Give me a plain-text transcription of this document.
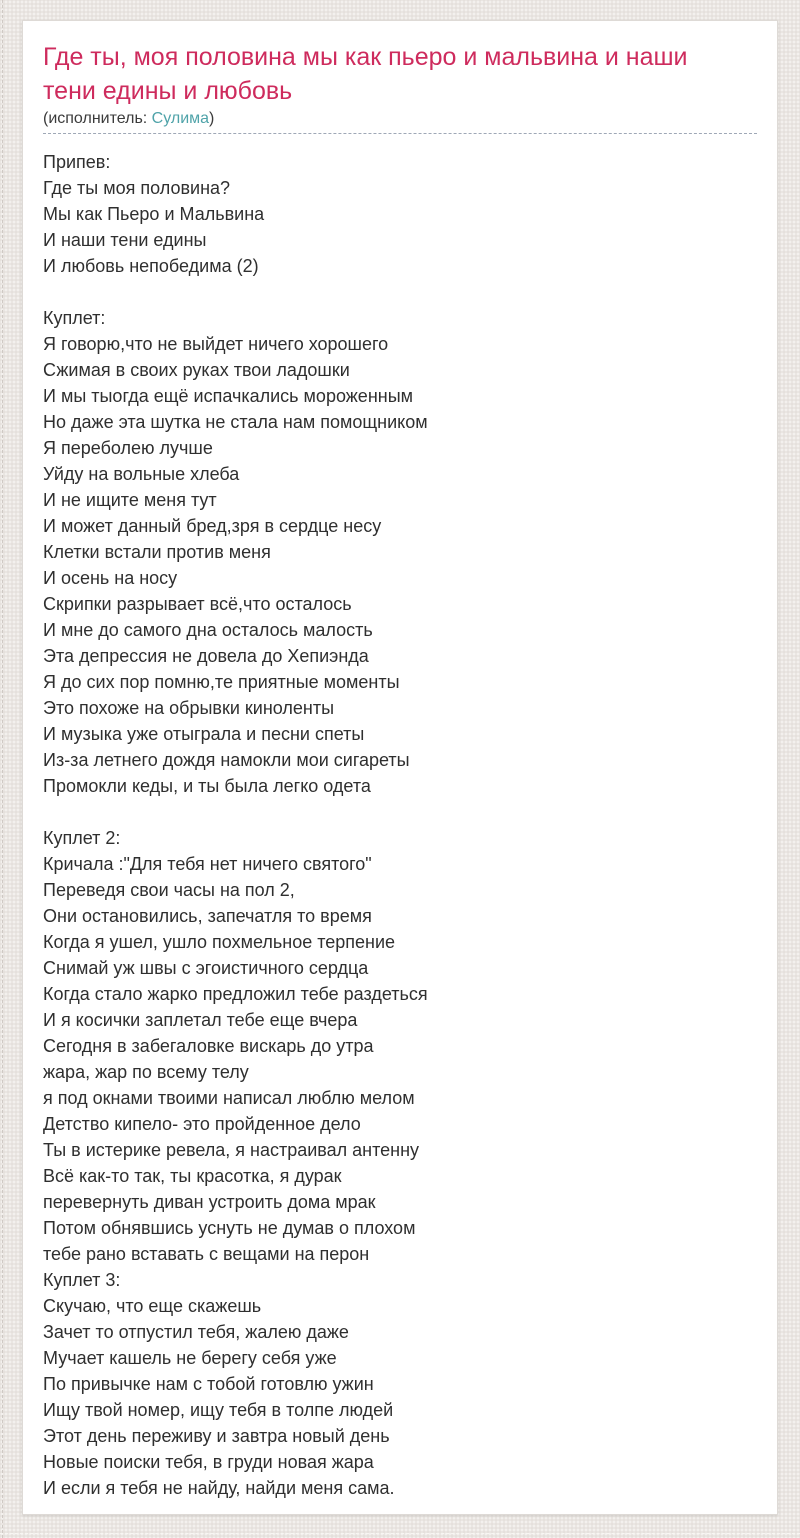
Где ты, моя половина мы как пьеро и мальвина и наши тени едины и любовь
(исполнитель: Сулима)
Припев:
Где ты моя половина?
Мы как Пьеро и Мальвина
И наши тени едины
И любовь непобедима (2)

Куплет:
Я говорю,что не выйдет ничего хорошего
Сжимая в своих руках твои ладошки
И мы тыогда ещё испачкались мороженным
Но даже эта шутка не стала нам помощником
Я переболею лучше
Уйду на вольные хлеба
И не ищите меня тут
И может данный бред,зря в сердце несу
Клетки встали против меня
И осень на носу
Скрипки разрывает всё,что осталось
И мне до самого дна осталось малость
Эта депрессия не довела до Хепиэнда
Я до сих пор помню,те приятные моменты
Это похоже на обрывки киноленты
И музыка уже отыграла и песни спеты
Из-за летнего дождя намокли мои сигареты
Промокли кеды, и ты была легко одета

Куплет 2:
Кричала :"Для тебя нет ничего святого"
Переведя свои часы на пол 2,
Они остановились, запечатля то время
Когда я ушел, ушло похмельное терпение
Снимай уж швы с эгоистичного сердца
Когда стало жарко предложил тебе раздеться
И я косички заплетал тебе еще вчера
Сегодня в забегаловке вискарь до утра
жара, жар по всему телу
я под окнами твоими написал люблю мелом
Детство кипело- это пройденное дело
Ты в истерике ревела, я настраивал антенну
Всё как-то так, ты красотка, я дурак
перевернуть диван устроить дома мрак
Потом обнявшись уснуть не думав о плохом
тебе рано вставать с вещами на перон
Куплет 3:
Скучаю, что еще скажешь
Зачет то отпустил тебя, жалею даже
Мучает кашель не берегу себя уже
По привычке нам с тобой готовлю ужин
Ищу твой номер, ищу тебя в толпе людей
Этот день переживу и завтра новый день
Новые поиски тебя, в груди новая жара
И если я тебя не найду, найди меня сама.
